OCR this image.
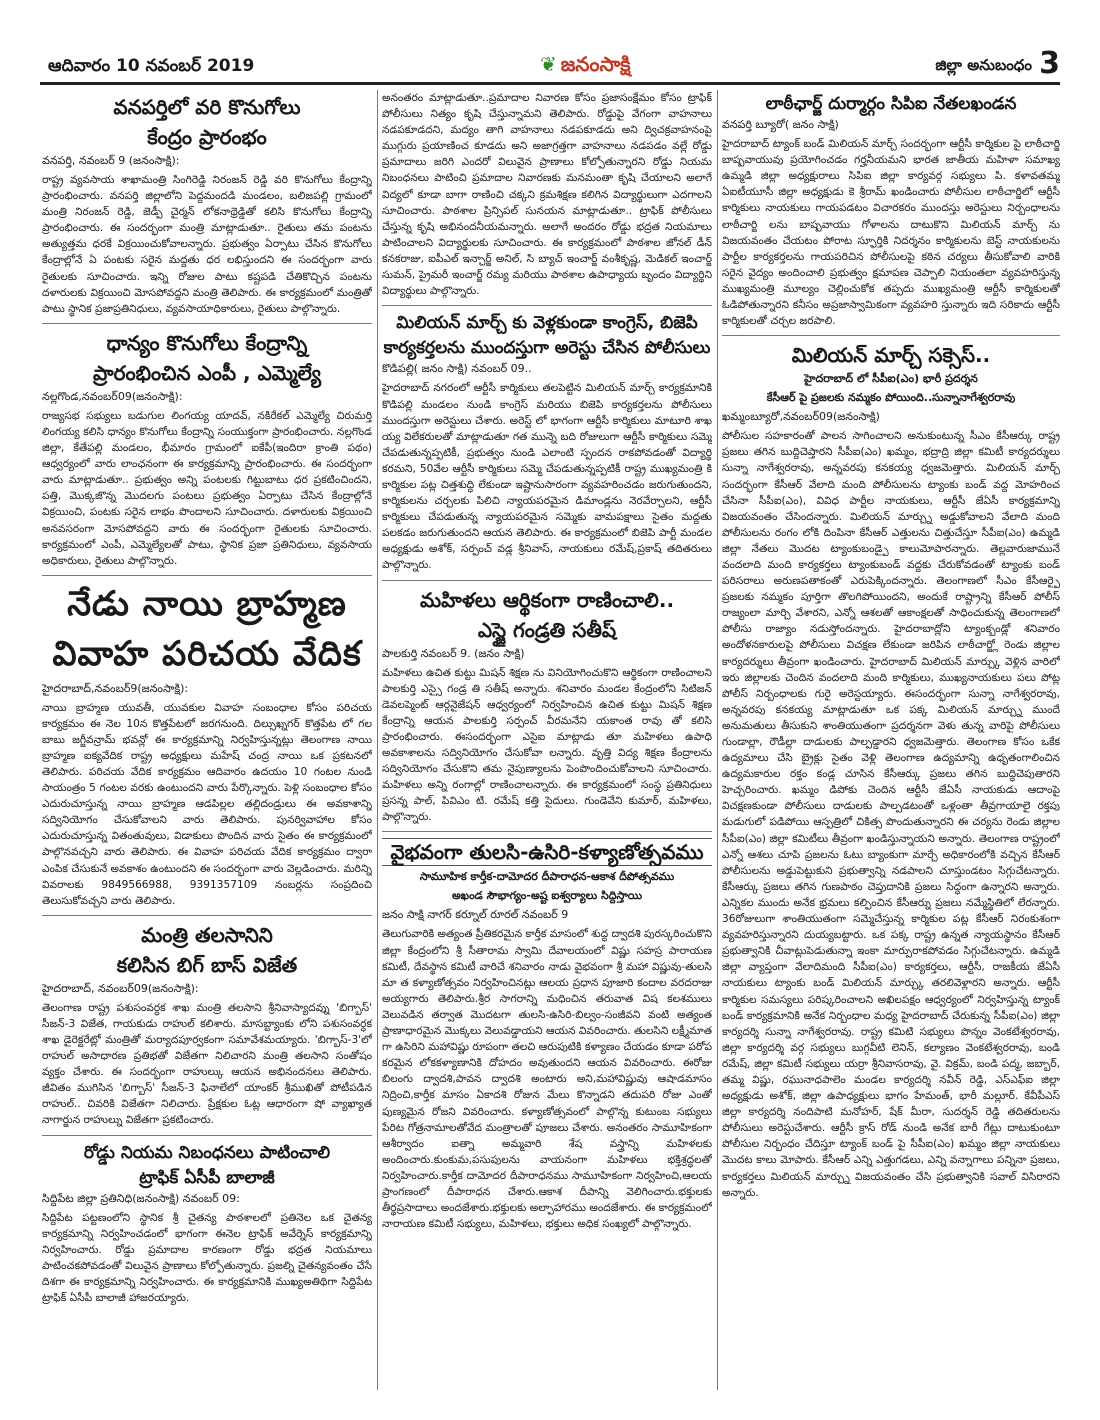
ఆదివారం 10 నవంబర్ 2019	❦ జనంసాక్షి	జిల్లా అనుబంధం 3
వనపర్తిలో వరి కొనుగోలు
కేంద్రం ప్రారంభం
వనపర్తి, నవంబర్ 9 (జనంసాక్షి):

రాష్ట్ర వ్యవసాయ శాఖామంత్రి సింగిరెడ్డి నిరంజన్ రెడ్డి వరి కొనుగోలు కేంద్రాన్ని ప్రారంభించారు. వనపర్తి జిల్లాలోని పెద్దమందడి మండలం, బలిజపల్లి గ్రామంలో మంత్రి నిరంజన్ రెడ్డి, జెడ్పీ చైర్మన్ లోకనాథ్రెడ్డితో కలిసి కొనుగోలు కేంద్రాన్ని ప్రారంభించారు. ఈ సందర్భంగా మంత్రి మాట్లాడుతూ.. రైతులు తమ పంటను అత్యుత్తమ ధరకే విక్రయించుకోవాలన్నారు. ప్రభుత్వం ఏర్పాటు చేసిన కొనుగోలు కేంద్రాల్లోనే ఏ పంటకు సరైన మద్దతు ధర లభిస్తుందని ఈ సందర్భంగా వారు రైతులకు సూచించారు. ఇన్ని రోజుల పాటు కష్టపడి చేతికొచ్చిన పంటను దళారులకు విక్రయించి మోసపోవద్దని మంత్రి తెలిపారు. ఈ కార్యక్రమంలో మంత్రితో పాటు స్థానిక ప్రజాప్రతినిధులు, వ్యవసాయాధికారులు, రైతులు పాల్గొన్నారు.

ధాన్యం కొనుగోలు కేంద్రాన్ని
ప్రారంభించిన ఎంపీ , ఎమ్మెల్యే
నల్లగొండ,నవంబర్09(జనంసాక్షి):

రాజ్యసభ సభ్యులు బడుగుల లింగయ్య యాదవ్, నకిరేకల్ ఎమ్మెల్యే చిరుమర్తి లింగయ్య కలిసి ధాన్యం కొనుగోలు కేంద్రాన్ని సంయుక్తంగా ప్రారంభించారు. నల్లగొండ జిల్లా, కేతేపల్లి మండలం, భీమారం గ్రామంలో ఐకేపీ(ఇందిరా క్రాంతి పథం) ఆధ్వర్యంలో వారు లాంఛనంగా ఈ కార్యక్రమాన్ని ప్రారంభించారు. ఈ సందర్భంగా వారు మాట్లాడుతూ.. ప్రభుత్వం అన్ని పంటలకు గిట్టుబాటు ధర ప్రకటించిందని, పత్తి, మొక్కజొన్న మొదలగు పంటలు ప్రభుత్వం ఏర్పాటు చేసిన కేంద్రాల్లోనే విక్రయించి, పంటకు సరైన లాభం పొందాలని సూచించారు. దళారులకు విక్రయించి అనవసరంగా మోసపోవద్దని వారు ఈ సందర్భంగా రైతులకు సూచించారు. కార్యక్రమంలో ఎంపీ, ఎమ్మెల్యేలతో పాటు, స్థానిక ప్రజా ప్రతినిధులు, వ్యవసాయ అధికారులు, రైతులు పాల్గొన్నారు.

నేడు నాయి బ్రాహ్మణ
వివాహ పరిచయ వేదిక
హైదరాబాద్,నవంబర్9(జనంసాక్షి):

నాయి బ్రాహ్మణ యువతీ, యువకుల వివాహ సంబంధాల కోసం పరిచయ కార్యక్రమం ఈ నెల 10న కొత్తపేటలో జరగనుంది. దిల్సుఖ్నగర్ కొత్తపేట లో గల బాబు జగ్జీవన్రామ్ భవన్లో ఈ కార్యక్రమాన్ని నిర్వహిస్తున్నట్లు తెలంగాణ నాయి బ్రాహ్మణ ఐక్యవేదిక రాష్ట్ర అధ్యక్షులు మహేష్ చంద్ర నాయి ఒక ప్రకటనలో తెలిపారు. పరిచయ వేదిక కార్యక్రమం ఆదివారం ఉదయం 10 గంటల నుండి సాయంత్రం 5 గంటల వరకు ఉంటుందని వారు పేర్కొన్నారు. పెళ్లి సంబంధాల కోసం ఎదురుచూస్తున్న నాయి బ్రాహ్మణ ఆడపిల్లల తల్లిదండ్రులు ఈ అవకాశాన్ని సద్వినియోగం చేసుకోవాలని వారు తెలిపారు. పునర్వివాహాల కోసం ఎదురుచూస్తున్న వితంతువులు, విడాకులు పొందిన వారు సైతం ఈ కార్యక్రమంలో పాల్గొనవచ్చని వారు తెలిపారు. ఈ వివాహ పరిచయ వేదిక కార్యక్రమం ద్వారా ఎంపిక చేసుకునే అవకాశం ఉంటుందని ఈ సందర్భంగా వారు వెల్లడించారు. మరిన్ని వివరాలకు 9849566988, 9391357109 నంబర్లను సంప్రదించి తెలుసుకోవచ్చని వారు తెలిపారు.

మంత్రి తలసానిని
కలిసిన బిగ్ బాస్ విజేత
హైదరాబాద్, నవంబర్09(జనంసాక్షి):

తెలంగాణ రాష్ట్ర పశుసంవర్ధక శాఖ మంత్రి తలసాని శ్రీనివాస్యాదవ్ను 'బిగ్బాస్' సీజన్-3 విజేత, గాయకుడు రాహుల్ కలిశారు. మాసబ్ట్యాంకు లోని పశుసంవర్ధక శాఖ డైరెక్టరేట్లో మంత్రితో మర్యాదపూర్వకంగా సమావేశమయ్యారు. 'బిగ్బాస్-3'లో రాహుల్ అసాధారణ ప్రతిభతో విజేతగా నిలిచారని మంత్రి తలసాని సంతోషం వ్యక్తం చేశారు. ఈ సందర్భంగా రాహుల్కు ఆయన అభినందనలు తెలిపారు. జీవితం ముగిసిన 'బిగ్బాస్' సీజన్-3 ఫినాలేలో యాంకర్ శ్రీముఖితో పోటీపడిన రాహుల్.. చివరికి విజేతగా నిలిచారు. ప్రేక్షకుల ఓట్ల ఆధారంగా షో వ్యాఖ్యాత నాగార్జున రాహుల్ను విజేతగా ప్రకటించారు.

రోడ్డు నియమ నిబంధనలు పాటించాలి
ట్రాఫిక్ ఏసీపీ బాలాజీ
సిద్దిపేట జిల్లా ప్రతినిధి(జనంసాక్షి) నవంబర్ 09:

సిద్దిపేట పట్టణంలోని స్థానిక శ్రీ చైతన్య పాఠశాలలో ప్రతినెల ఒక చైతన్య కార్యక్రమాన్ని నిర్వహించడంలో భాగంగా ఈనెల ట్రాఫిక్ అవేర్నెస్ కార్యక్రమాన్ని నిర్వహించారు. రోడ్డు ప్రమాదాల కారణంగా రోడ్డు భద్రత నియమాలు పాటించకపోవడంతో విలువైన ప్రాణాలు కోల్పోతున్నారు. ప్రజల్ని చైతన్యవంతం చేసే దిశగా ఈ కార్యక్రమాన్ని నిర్వహించారు. ఈ కార్యక్రమానికి ముఖ్యఅతిథిగా సిద్దిపేట ట్రాఫిక్ ఏసీపీ బాలాజీ హాజరయ్యారు.

అనంతరం మాట్లాడుతూ..ప్రమాదాల నివారణ కోసం ప్రజాసంక్షేమం కోసం ట్రాఫిక్ పోలీసులు నిత్యం కృషి చేస్తున్నామని తెలిపారు. రోడ్డుపై వేగంగా వాహనాలు నడపకూడదని, మద్యం తాగి వాహనాలు నడపకూడదు అని ద్విచక్రవాహనంపై ముగ్గురు ప్రయాణించ కూడదు అని అజాగ్రత్తగా వాహనాలు నడపడం వల్లే రోడ్డు ప్రమాదాలు జరిగి ఎందరో విలువైన ప్రాణాలు కోల్పోతున్నారని రోడ్డు నియమ నిబంధనలు పాటించి ప్రమాదాల నివారణకు మనమంతా కృషి చేయాలని అలాగే విద్యలో కూడా బాగా రాణించి చక్కని క్రమశిక్షణ కలిగిన విద్యార్థులుగా ఎదగాలని సూచించారు. పాఠశాల ప్రిన్సిపల్ సునయన మాట్లాడుతూ.. ట్రాఫిక్ పోలీసులు చేస్తున్న కృషి అభినందనీయమన్నారు. అలాగే అందరం రోడ్డు భద్రత నియమాలు పాటించాలని విద్యార్థులకు సూచించారు. ఈ కార్యక్రమంలో పాఠశాల జోనల్ డీన్ కనకరాజు, ఐపీఎల్ ఇన్చార్జ్ అనిల్, సి బ్యాచ్ ఇంచార్జ్ వంశీకృష్ణ, మెడికల్ ఇంచార్జ్ సుమన్, ప్రైమరీ ఇంచార్జ్ రమ్య మరియు పాఠశాల ఉపాధ్యాయ బృందం విద్యార్థిని విద్యార్థులు పాల్గొన్నారు.

మిలియన్ మార్చ్ కు వెళ్లకుండా కాంగ్రెస్, బిజెపి
కార్యకర్తలను ముందస్తుగా అరెస్టు చేసిన పోలీసులు
కొడిపల్లి( జనం సాక్షి) నవంబర్ 09..

హైదరాబాద్ నగరంలో ఆర్టీసీ కార్మికులు తలపెట్టిన మిలియన్ మార్చ్ కార్యక్రమానికి కొడిపల్లి మండలం నుండి కాంగ్రెస్ మరియు బిజెపి కార్యకర్తలను పోలీసులు ముందస్తుగా అరెస్టులు చేశారు. అరెస్ట్ లో భాగంగా ఆర్టీసీ కార్మికులు మాటూరి శాఖ య్య విలేకరులతో మాట్లాడుతూ గత మున్నె బది రోజులుగా ఆర్టీసీ కార్మికులు సమ్మె చేపడుతున్నప్పటికీ, ప్రభుత్వం నుండి ఎలాంటి స్పందన రాకపోవడంతో విద్యార్థి కరమని, 50వేల ఆర్టీసీ కార్మికులు సమ్మె చేపడుతున్నప్పటికీ రాష్ట్ర ముఖ్యమంత్రి కి కార్మికుల పట్ల చిత్తశుద్ధి లేకుండా ఇష్టానుసారంగా వ్యవహరించడం జరుగుతుందని, కార్మికులను చర్చలకు పిలిచి న్యాయపరమైన డిమాండ్లను నెరవేర్చాలని, ఆర్టీసీ కార్మికులు చేపడుతున్న న్యాయపరమైన సమ్మెకు వామపక్షాలు సైతం మద్దతు పలకడం జరుగుతుందని ఆయన తెలిపారు. ఈ కార్యక్రమంలో బిజెపి పార్టీ మండల అధ్యక్షుడు అశోక్, సర్పంచ్ వడ్ల శ్రీనివాస్, నాయకులు రమేష్,ప్రకాష్ తదితరులు పాల్గొన్నారు.

మహిళలు ఆర్థికంగా రాణించాలి..
ఎస్జై గండ్రతి సతీష్
పాలకుర్తి నవంబర్ 9. (జనం సాక్షి)

మహిళలు ఉచిత కుట్టు మిషన్ శిక్షణ ను వినియోగించుకొని ఆర్థికంగా రాణించాలని పాలకుర్తి ఎస్సై గండ్ర తి సతీష్ అన్నారు. శనివారం మండల కేంద్రంలోని సిటిజన్ డెవలప్మెంట్ ఆర్గనైజేషన్ ఆధ్వర్యంలో నిర్వహించిన ఉచిత కుట్టు మిషన్ శిక్షణ కేంద్రాన్ని ఆయన పాలకుర్తి సర్పంచ్ వీరమనేని యకాంత రావు తో కలిసి ప్రారంభించారు. ఈసందర్భంగా ఎసైఐ మాట్లాడు తూ మహిళలు ఉపాధి అవకాశాలను సద్వినియోగం చేసుకోవా లన్నారు. వృత్తి విద్య శిక్షణ కేంద్రాలను సద్వినియోగం చేసుకొని తమ నైపుణ్యాలను పెంపొందించుకోవాలని సూచించారు. మహిళలు అన్ని రంగాల్లో రాణించాలన్నారు. ఈ కార్యక్రమంలో సంస్థ ప్రతినిధులు ప్రసన్న పాల్, పివిఎం టి. రమేష్ కత్తి సైదులు. గుండెవేని కుమార్, మహిళలు, పాల్గొన్నారు.

వైభవంగా తులసి-ఉసిరి-కళ్యాణోత్సవము
సామూహిక కార్తీక-దామోదర దీపారాధన-ఆకాశ దీపోత్సవము
అఖండ సౌభాగ్యం-అష్ట ఐశ్వర్యాలు సిద్దిస్తాయి
జనం సాక్షి నాగర్ కర్నూల్ రూరల్ నవంబర్ 9

తెలుగువారికి అత్యంత ప్రీతికరమైన కార్తీక మాసంలో శుద్ధ ద్వాదశి పురస్కరించుకొని జిల్లా కేంద్రంలోని శ్రీ సీతారామ స్వామి దేవాలయంలో విష్ణు సహస్ర పారాయణ కమిటీ, దేవస్థాన కమిటీ వారిచే శనివారం నాడు వైభవంగా శ్రీ మహా విష్ణువు-తులసి మా త కళ్యాణోత్సవం నిర్వహించినట్లు ఆలయ ప్రధాన పూజారి కందాల వరదరాజు అయ్యగారు తెలిపారు.శ్రీర సాగరాన్ని మధించిన తరువాత విష కలశములు వెలువడిన తర్వాత మొదటగా తులసి-ఉసిరి-బిల్వం-సంజీవని వంటి అత్యంత ప్రాణాధారమైన మొక్కలు వెలువడ్డాయని ఆయన వివరించారు. తులసిని లక్ష్మీమాత గా ఉసిరిని మహావిష్ణు రూపంగా తలచి ఆరుపుటికి కళ్యాణం చేయడం కూడా పరోప కరమైన లోకకళ్యాణానికి దోహదం అవుతుందని ఆయన వివరించారు. ఈరోజు బిలంగు ద్వాదశి,పావన ద్వాదశి అంటారు అని,మహావిష్ణువు ఆషాడమాసం నిద్రించి,కార్తీక మాసం ఏకాదశి రోజున మేలు కొన్నాడని తదుపరి రోజు ఎంతో పుణ్యమైన రోజని వివరించారు. కళ్యాణోత్సవంలో పాల్గొన్న కుటుంబ సభ్యులు పేరిట గోత్రనామాలతోవేద మంత్రాలతో పూజలు చేశారు. అనంతరం సామూహికంగా ఆశీర్వాదం ఐత్నా అమ్మవారి శేష వస్త్రాన్ని మహిళలకు అందించారు.కుంకుమ,పసుపులను వాయనంగా మహిళలు భక్తిశ్రద్ధలతో నిర్వహించారు.కార్తీక దామోదర దీపారాధనము సామూహికంగా నిర్వహించి,ఆలయ ప్రాంగణంలో దీపారాధన చేశారు.ఆకాశ దీపాన్ని వెలిగించారు.భక్తులకు తీర్థప్రసాదాలు అందజేశారు.భక్తులకు అల్పాహారము అందజేశారు. ఈ కార్యక్రమంలో నారాయణ కమిటీ సభ్యులు, మహిళలు, భక్తులు అధిక సంఖ్యలో పాల్గొన్నారు.

లాఠీఛార్జ్ దుర్మార్గం సిపిఐ నేతలఖండన
వనపర్తి బ్యూరో( జనం సాక్షి)

హైదరాబాద్ ట్యాంక్ బండ్ మిలియన్ మార్చ్ సందర్భంగా ఆర్టీసీ కార్మికుల పై లాఠీచార్జి బాష్పవాయువు ప్రయోగించడం గర్హనీయమని భారత జాతీయ మహిళా సమాఖ్య ఉమ్మడి జిల్లా అధ్యక్షురాలు సిపిఐ జిల్లా కార్యవర్గ సభ్యులు పి. కళావతమ్మ ఏఐటీయూసీ జిల్లా అధ్యక్షుడు కె శ్రీరామ్ ఖండించారు పోలీసుల లాఠీచార్జిలో ఆర్టీసీ కార్మికులు నాయకులు గాయపడటం విచారకరం ముందస్తు అరెస్టులు నిర్బంధాలను లాఠీచార్జి లను బాష్పవాయు గోళాలను దాటుకొని మిలియన్ మార్చ్ ను విజయవంతం చేయటం పోరాట స్ఫూర్తికి నిదర్శనం కార్మికులను బెస్ట్ నాయకులను పార్టీల కార్యకర్తలను గాయపరిచిన పోలీసులపై కఠిన చర్యలు తీసుకోవాలి వారికి సరైన వైద్యం అందించాలి ప్రభుత్వం క్షమాపణ చెప్పాలి నియంతలా వ్యవహరిస్తున్న ముఖ్యమంత్రి మూల్యం చెల్లించుకోక తప్పదు ముఖ్యమంత్రి ఆర్టీసీ కార్మికులతో ఓడిపోతున్నారని కనీసం అప్రజాస్వామికంగా వ్యవహరి స్తున్నారు ఇది సరికాదు ఆర్టీసీ కార్మికులతో చర్చల జరపాలి.

మిలియన్ మార్చ్ సక్సెస్..
హైదరాబాద్ లో సీపీఐ(ఎం) భారీ ప్రదర్శన
కేసీఆర్ పై ప్రజలకు నమ్మకం పోయింది..సున్నానాగేశ్వరరావు
ఖమ్మంబ్యూరో,నవంబర్09(జనంసాక్షి)

పోలీసుల సహకారంతో పాలన సాగించాలని అనుకుంటున్న సీఎం కేసీఆర్కు రాష్ట్ర ప్రజలు తగిన బుద్దిచెప్తారని సీపీఐ(ఎం) ఖమ్మం, భద్రాద్రి జిల్లా కమిటీ కార్యదర్శులు సున్నా నాగేశ్వరరావు, అన్నవరపు కనకయ్య ధ్వజమెత్తారు. మిలియన్ మార్చ్ సందర్భంగా కేసీఆర్ వేలాది మంది పోలీసులను ట్యాంకు బండ్ వద్ద మోహరించ చేసినా సీపీఐ(ఎం), వివిధ పార్టీల నాయకులు, ఆర్టీసీ జేఏసీ కార్యక్రమాన్ని విజయవంతం చేసిందన్నారు. మిలియన్ మార్చ్ను అడ్డుకోవాలని వేలాది మంది పోలీసులను రంగం లోకి దింపినా కేసీఆర్ ఎత్తులను చిత్తుచేస్తూ సీపీఐ(ఎం) ఉమ్మడి జిల్లా నేతలు మొదట ట్యాంకుబండ్పై కాలుమోపారన్నారు. తెల్లవారుజామునే వందలాది మంది కార్యకర్తలు ట్యాంకుబండ్ వద్దకు చేరుకోవడంతో ట్యాంకు బండ్ పరిసరాలు అరుణపతాకంతో ఎరుపెక్కిందన్నారు. తెలంగాణలో సీఎం కేసీఆర్పై ప్రజలకు నమ్మకం పూర్తిగా తొలగిపోయిందని, అందుకే రాష్ట్రాన్ని కేసీఆర్ పోలీస్ రాజ్యంలా మార్చి వేశారని, ఎన్నో ఆశలతో ఆకాంక్షలతో సాధించుకున్న తెలంగాణలో పోలీసు రాజ్యాం నడుస్తోందన్నారు. హైదరాబాద్లోని ట్యాంక్బండ్లో శనివారం అందోళనకారులపై పోలీసులు విచక్షణ లేకుండా జరిపిన లాఠీచార్జ్లో రెండు జిల్లాల కార్యదర్శులు తీవ్రంగా ఖండించారు. హైదరాబాద్ మిలియన్ మార్చ్కు వెళ్లిన వారిలో ఇరు జిల్లాలకు చెందిన వందలాది మంది కార్మికులు, ముఖ్యనాయకులు పలు పోట్ల పోలీస్ నిర్బంధాలకు గురై అరెస్టయ్యారు. ఈసందర్భంగా సున్నా నాగేశ్వరరావు, అన్నవరపు కనకయ్య మాట్లాడుతూ ఒక పక్క మిలియన్ మార్చ్ను ముందే అనుమతులు తీసుకుని శాంతియుతంగా ప్రదర్శనగా వెళు తున్న వారిపై పోలీసులు గుండాల్లా, రౌడీల్లా దాడులకు పాల్పడ్డారని ధ్వజమెత్తారు. తెలంగాణ కోసం ఒకేక ఉద్యమాలు చేసి బ్రైక్లు సైతం వెళ్లి తెలంగాణ ఉద్యమాన్ని ఉధృతంగాలించిన ఉద్యమకారుల రక్తం కండ్ల చూసిన కేసీఆర్కు ప్రజలు తగిన బుద్ధిచెపుతారని హెచ్చరించారు. ఖమ్మం డిపోకు చెందిన ఆర్టీసీ జేఏసీ నాయకుడు ఆదాంపై విచక్షణకుండా పోలీసులు దాడులకు పాల్పడటంతో ఒళ్లంతా తీవ్రగాయాలై రక్తపు మడుగులో పడిపోయి ఆస్పత్రిలో చికిత్స పొందుతున్నారని ఈ చర్యను రెండు జిల్లాల సీపీఐ(ఎం) జిల్లా కమిటీలు తీవ్రంగా ఖండిస్తున్నాయని అన్నారు. తెలంగాణ రాష్ట్రంలో ఎన్నో ఆశలు చూపి ప్రజలను ఓటు బ్యాంకుగా మార్చే అధికారంలోకి వచ్చిన కేసీఆర్ పోలీసులను అడ్డుపెట్టుకుని ప్రభుత్వాన్ని నడపాలని చూస్తుండటం సిగ్గుచేటన్నారు. కేసీఆర్కు ప్రజలు తగిన గుణపాఠం చెప్తుదానికి ప్రజలు సిద్ధంగా ఉన్నారని అన్నారు. ఎన్నికల ముందు అనేక భ్రమలు కల్పించిన కేసీఆర్ను ప్రజలు నమ్మేస్థితిలో లేరన్నారు. 36రోజులుగా శాంతియుతంగా సమ్మెచేస్తున్న కార్మికుల పట్ల కేసీఆర్ నిరంకుశంగా వ్యవహరిస్తున్నారని దుయ్యబట్టారు. ఒక పక్క రాష్ట్ర ఉన్నత న్యాయస్థానం కేసీఆర్ ప్రభుత్వానికి చీవాట్లుపెడుతున్నా ఇంకా మార్పురాకపోవడం సిగ్గుచేటన్నారు. ఉమ్మడి జిల్లా వ్యాప్తంగా వేలాదిమంది సీపీఐ(ఎం) కార్యకర్తలు, ఆర్టీసీ, రాజకీయ జేఏసీ నాయకులు ట్యాంకు బండ్ మిలియన్ మార్చ్కు తరలివెళ్లారని అన్నారు. ఆర్టీసీ కార్మికుల సమస్యలు పరిష్కరించాలని అఖిలపక్షం ఆధ్వర్యంలో నిర్వహిస్తున్న ట్యాంక్ బండ్ కార్యక్రమానికి అనేక నిర్బంధాల మధ్య హైదరాబాద్ చేరుకున్న సీపీఐ(ఎం) జిల్లా కార్యదర్శి సున్నా నాగేశ్వరరావు. రాష్ట్ర కమిటి సభ్యులు పొన్నం వెంకటేశ్వరరావు, జిల్లా కార్యదర్శి వర్గ సభ్యులు బుగ్గవీటి లెనిన్, కల్యాణం వెంకటేశ్వరరావు, బండి రమేష్, జిల్లా కమిటీ సభ్యులు యర్రా శ్రీనివాసరావు, వై. విక్రమ్, బండి పద్మ, జబ్బార్, తమ్మ విష్ణు, రఘునాధపాలెం మండల కార్యదర్శి నవీన్ రెడ్డి, ఎస్ఎఫ్ఐ జిల్లా అధ్యక్షుడు అశోక్, జిల్లా ఉపాధ్యక్షులు భాగం హేమంత్, భారీ మల్లూర్. కేవీపీఎస్ జిల్లా కార్యదర్శి నందిపాటి మనోహర్, షేక్ మీరా, సుదర్శన్ రెడ్డి తదితరులను పోలీసులు అరెస్టుచేశారు. ఆర్టీసీ క్రాస్ రోడ్ నుండి అనేక బారీ గేట్లు దాటుకుంటూ పోలీసుల నిర్బంధం చేదిస్తూ ట్యాంక్ బండ్ పై సీపీఐ(ఎం) ఖమ్మం జిల్లా నాయకులు మొదట కాలు మోపారు. కేసీఆర్ ఎన్ని ఎత్తుగడలు, ఎన్ని వన్నాగాలు పన్నినా ప్రజలు, కార్యకర్తలు మిలియన్ మార్చ్ను విజయవంతం చేసి ప్రభుత్వానికి సవాల్ విసిరారని అన్నారు.
